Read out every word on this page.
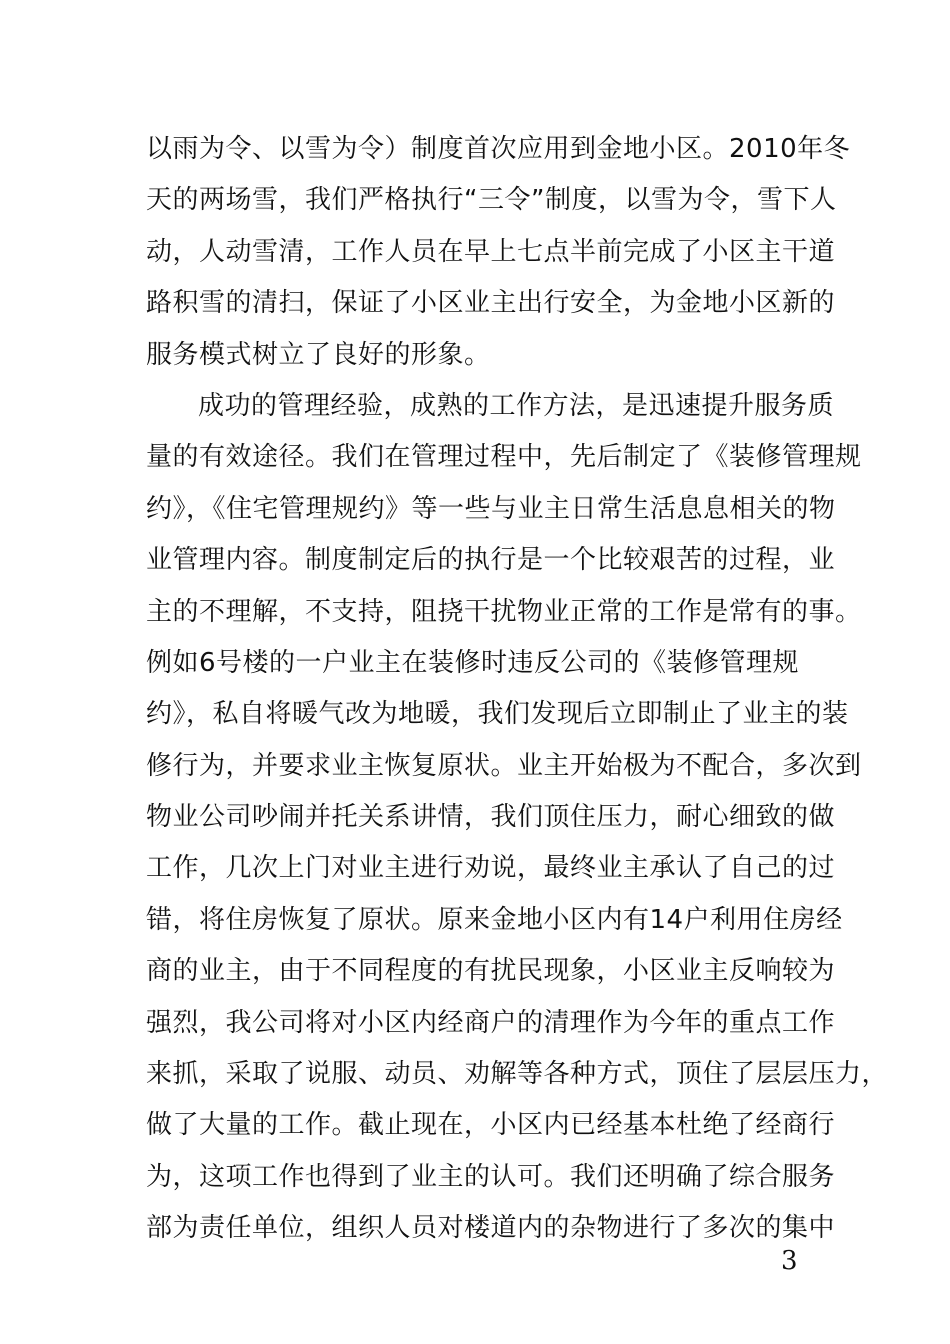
以雨为令、以雪为令）制度首次应用到金地小区。2010年冬
天的两场雪，我们严格执行“三令”制度，以雪为令，雪下人
动，人动雪清，工作人员在早上七点半前完成了小区主干道
路积雪的清扫，保证了小区业主出行安全，为金地小区新的
服务模式树立了良好的形象。
成功的管理经验，成熟的工作方法，是迅速提升服务质
量的有效途径。我们在管理过程中，先后制定了《装修管理规
约》，《住宅管理规约》等一些与业主日常生活息息相关的物
业管理内容。制度制定后的执行是一个比较艰苦的过程，业
主的不理解，不支持，阻挠干扰物业正常的工作是常有的事。
例如6号楼的一户业主在装修时违反公司的《装修管理规
约》，私自将暖气改为地暖，我们发现后立即制止了业主的装
修行为，并要求业主恢复原状。业主开始极为不配合，多次到
物业公司吵闹并托关系讲情，我们顶住压力，耐心细致的做
工作，几次上门对业主进行劝说，最终业主承认了自己的过
错，将住房恢复了原状。原来金地小区内有14户利用住房经
商的业主，由于不同程度的有扰民现象，小区业主反响较为
强烈，我公司将对小区内经商户的清理作为今年的重点工作
来抓，采取了说服、动员、劝解等各种方式，顶住了层层压力，
做了大量的工作。截止现在，小区内已经基本杜绝了经商行
为，这项工作也得到了业主的认可。我们还明确了综合服务
部为责任单位，组织人员对楼道内的杂物进行了多次的集中
3
